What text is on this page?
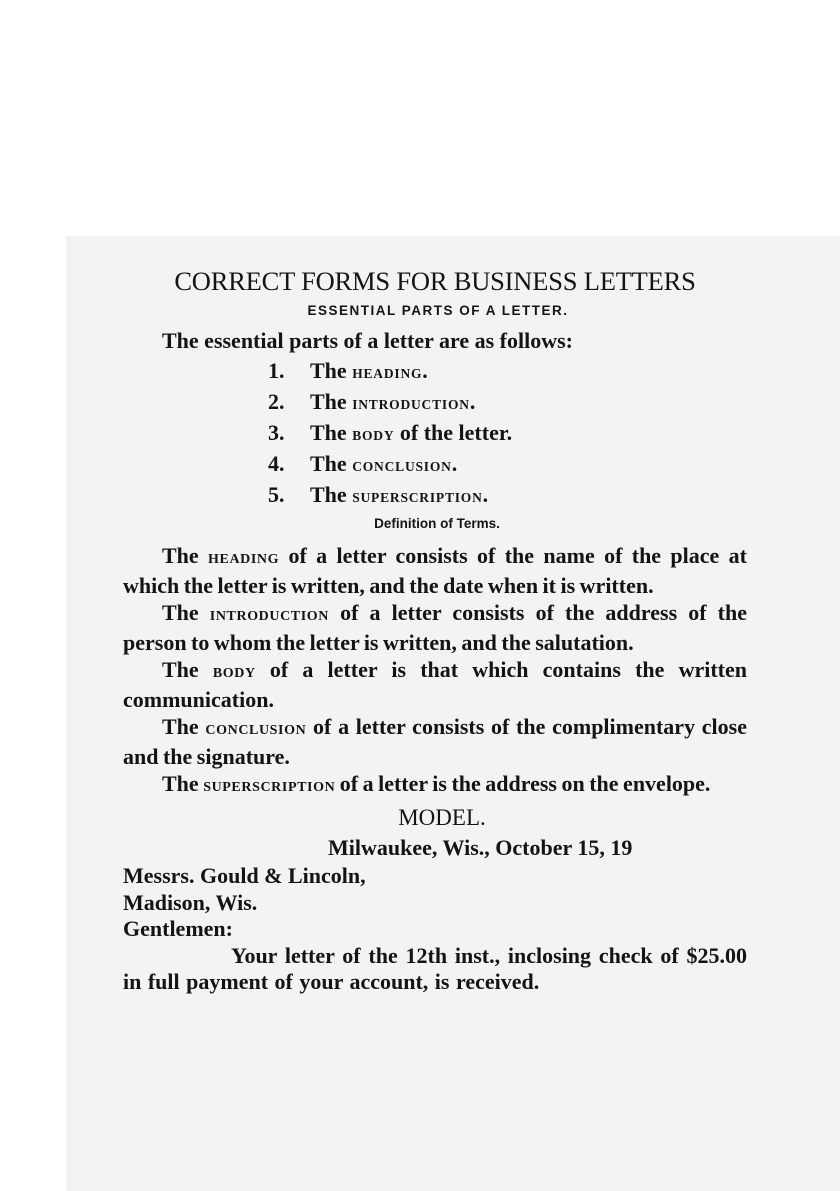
CORRECT FORMS FOR BUSINESS LETTERS
ESSENTIAL PARTS OF A LETTER.

The essential parts of a letter are as follows:

1. The HEADING.
2. The INTRODUCTION.
3. The BODY of the letter.
4. The CONCLUSION.
5. The SUPERSCRIPTION.
Definition of Terms.

The HEADING of a letter consists of the name of the place at which the letter is written, and the date when it is written.

The INTRODUCTION of a letter consists of the address of the person to whom the letter is written, and the salutation.

The BODY of a letter is that which contains the written communication.

The CONCLUSION of a letter consists of the complimentary close and the signature.

The SUPERSCRIPTION of a letter is the address on the envelope.

MODEL.

Milwaukee, Wis., October 15, 19

Messrs. Gould & Lincoln,

Madison, Wis.

Gentlemen:

Your letter of the 12th inst., inclosing check of $25.00 in full payment of your account, is received.
